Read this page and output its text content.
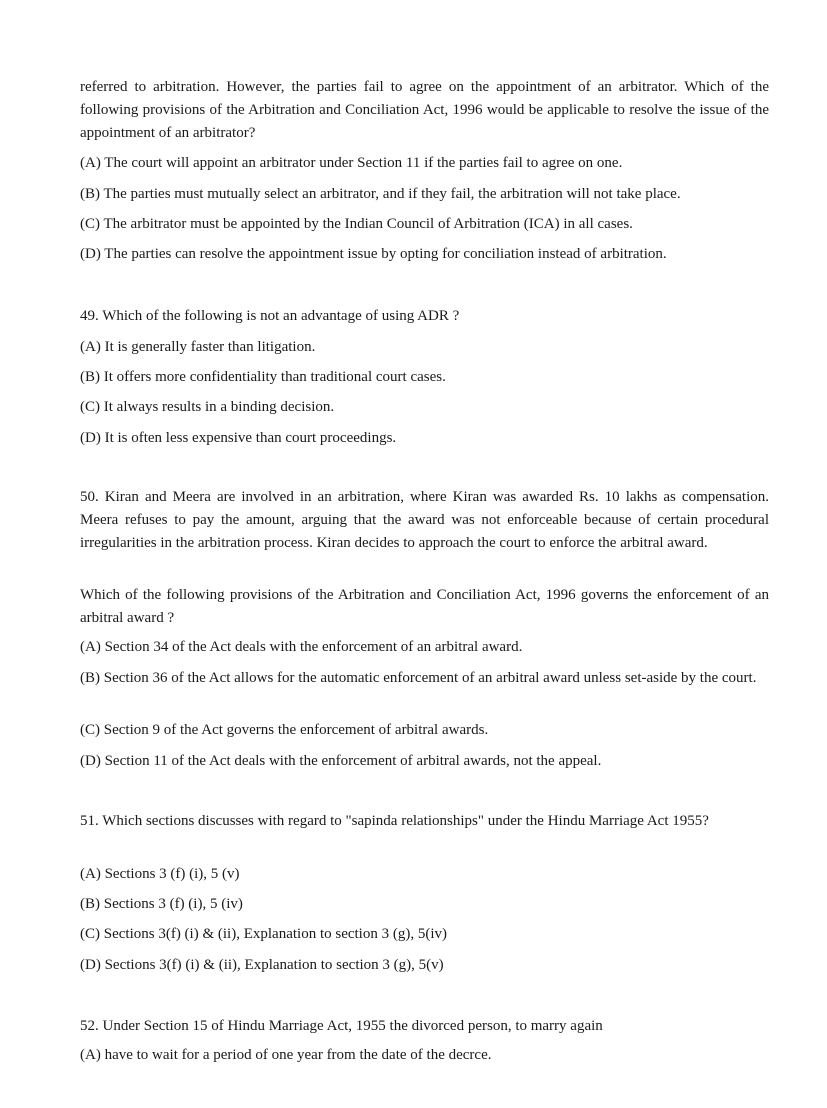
referred to arbitration. However, the parties fail to agree on the appointment of an arbitrator. Which of the following provisions of the Arbitration and Conciliation Act, 1996 would be applicable to resolve the issue of the appointment of an arbitrator?

(A) The court will appoint an arbitrator under Section 11 if the parties fail to agree on one.

(B) The parties must mutually select an arbitrator, and if they fail, the arbitration will not take place.

(C) The arbitrator must be appointed by the Indian Council of Arbitration (ICA) in all cases.

(D) The parties can resolve the appointment issue by opting for conciliation instead of arbitration.

49. Which of the following is not an advantage of using ADR ?

(A) It is generally faster than litigation.

(B) It offers more confidentiality than traditional court cases.

(C) It always results in a binding decision.

(D) It is often less expensive than court proceedings.

50. Kiran and Meera are involved in an arbitration, where Kiran was awarded Rs. 10 lakhs as compensation. Meera refuses to pay the amount, arguing that the award was not enforceable because of certain procedural irregularities in the arbitration process. Kiran decides to approach the court to enforce the arbitral award.

Which of the following provisions of the Arbitration and Conciliation Act, 1996 governs the enforcement of an arbitral award ?

(A) Section 34 of the Act deals with the enforcement of an arbitral award.

(B) Section 36 of the Act allows for the automatic enforcement of an arbitral award unless set-aside by the court.

(C) Section 9 of the Act governs the enforcement of arbitral awards.

(D) Section 11 of the Act deals with the enforcement of arbitral awards, not the appeal.

51. Which sections discusses with regard to "sapinda relationships" under the Hindu Marriage Act 1955?

(A) Sections 3 (f) (i), 5 (v)

(B) Sections 3 (f) (i), 5 (iv)

(C) Sections 3(f) (i) & (ii), Explanation to section 3 (g), 5(iv)

(D) Sections 3(f) (i) & (ii), Explanation to section 3 (g), 5(v)

52. Under Section 15 of Hindu Marriage Act, 1955 the divorced person, to marry again

(A) have to wait for a period of one year from the date of the decrce.
